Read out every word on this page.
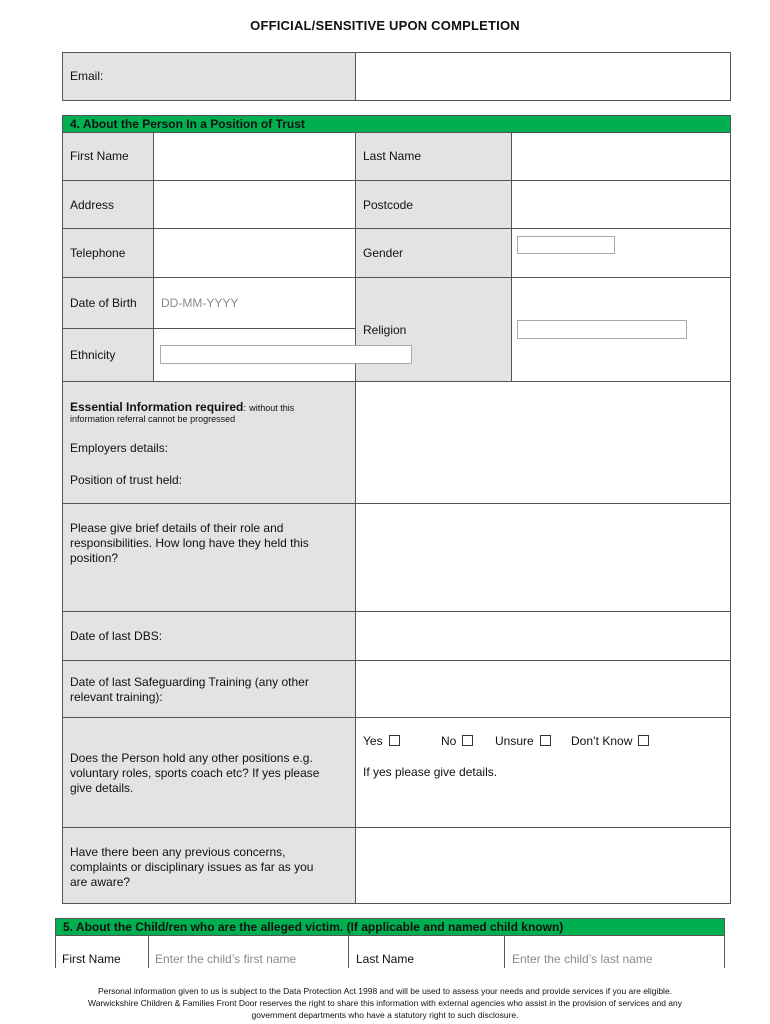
OFFICIAL/SENSITIVE UPON COMPLETION
Email:
4. About the Person In a Position of Trust
First Name	Last Name
Address	Postcode
Telephone	Gender
Date of Birth DD-MM-YYYY
Ethnicity
Religion
Essential Information required: without this
information referral cannot be progressed
Employers details:
Position of trust held:
Please give brief details of their role and
responsibilities. How long have they held this
position?
Date of last DBS:
Date of last Safeguarding Training (any other
relevant training):
Does the Person hold any other positions e.g.
voluntary roles, sports coach etc? If yes please
give details.
Yes	No	Unsure	Don’t Know
If yes please give details.
Have there been any previous concerns,
complaints or disciplinary issues as far as you
are aware?
5. About the Child/ren who are the alleged victim. (If applicable and named child known)
First Name	Enter the child’s first name	Last Name	Enter the child’s last name
Personal information given to us is subject to the Data Protection Act 1998 and will be used to assess your needs and provide services if you are eligible.
Warwickshire Children & Families Front Door reserves the right to share this information with external agencies who assist in the provision of services and any
government departments who have a statutory right to such disclosure.
